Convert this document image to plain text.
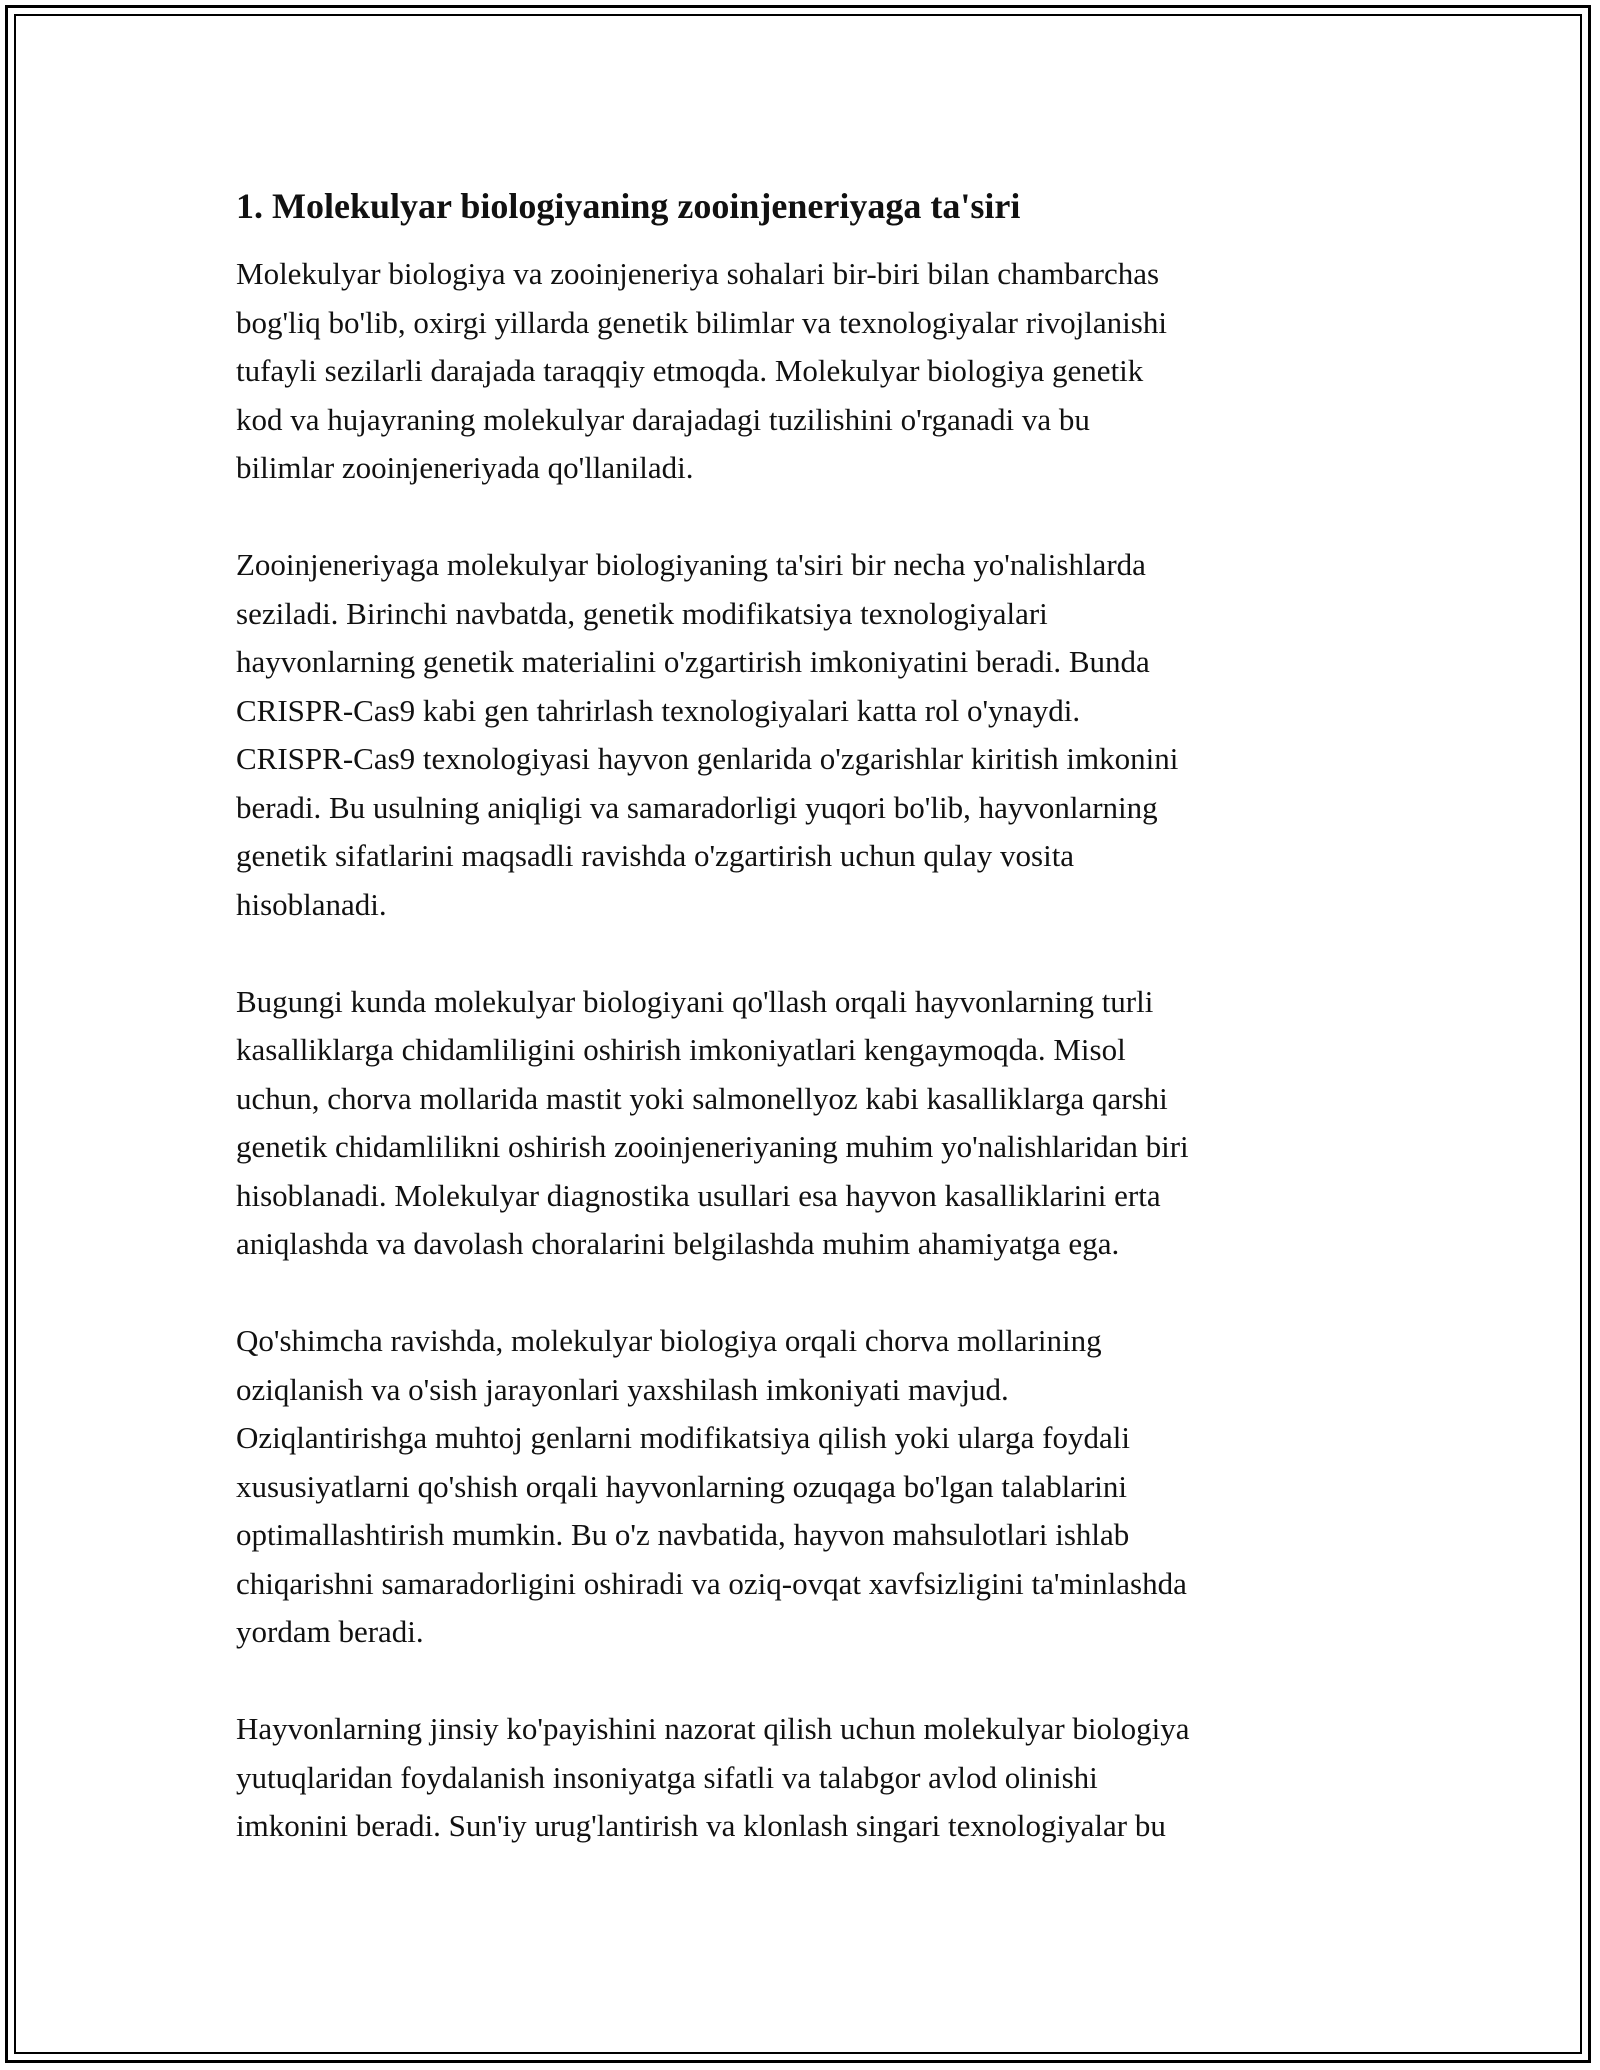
1. Molekulyar biologiyaning zooinjeneriyaga ta'siri

Molekulyar biologiya va zooinjeneriya sohalari bir-biri bilan chambarchas
bog'liq bo'lib, oxirgi yillarda genetik bilimlar va texnologiyalar rivojlanishi
tufayli sezilarli darajada taraqqiy etmoqda. Molekulyar biologiya genetik
kod va hujayraning molekulyar darajadagi tuzilishini o'rganadi va bu
bilimlar zooinjeneriyada qo'llaniladi.

Zooinjeneriyaga molekulyar biologiyaning ta'siri bir necha yo'nalishlarda
seziladi. Birinchi navbatda, genetik modifikatsiya texnologiyalari
hayvonlarning genetik materialini o'zgartirish imkoniyatini beradi. Bunda
CRISPR-Cas9 kabi gen tahrirlash texnologiyalari katta rol o'ynaydi.
CRISPR-Cas9 texnologiyasi hayvon genlarida o'zgarishlar kiritish imkonini
beradi. Bu usulning aniqligi va samaradorligi yuqori bo'lib, hayvonlarning
genetik sifatlarini maqsadli ravishda o'zgartirish uchun qulay vosita
hisoblanadi.

Bugungi kunda molekulyar biologiyani qo'llash orqali hayvonlarning turli
kasalliklarga chidamliligini oshirish imkoniyatlari kengaymoqda. Misol
uchun, chorva mollarida mastit yoki salmonellyoz kabi kasalliklarga qarshi
genetik chidamlilikni oshirish zooinjeneriyaning muhim yo'nalishlaridan biri
hisoblanadi. Molekulyar diagnostika usullari esa hayvon kasalliklarini erta
aniqlashda va davolash choralarini belgilashda muhim ahamiyatga ega.

Qo'shimcha ravishda, molekulyar biologiya orqali chorva mollarining
oziqlanish va o'sish jarayonlari yaxshilash imkoniyati mavjud.
Oziqlantirishga muhtoj genlarni modifikatsiya qilish yoki ularga foydali
xususiyatlarni qo'shish orqali hayvonlarning ozuqaga bo'lgan talablarini
optimallashtirish mumkin. Bu o'z navbatida, hayvon mahsulotlari ishlab
chiqarishni samaradorligini oshiradi va oziq-ovqat xavfsizligini ta'minlashda
yordam beradi.

Hayvonlarning jinsiy ko'payishini nazorat qilish uchun molekulyar biologiya
yutuqlaridan foydalanish insoniyatga sifatli va talabgor avlod olinishi
imkonini beradi. Sun'iy urug'lantirish va klonlash singari texnologiyalar bu
